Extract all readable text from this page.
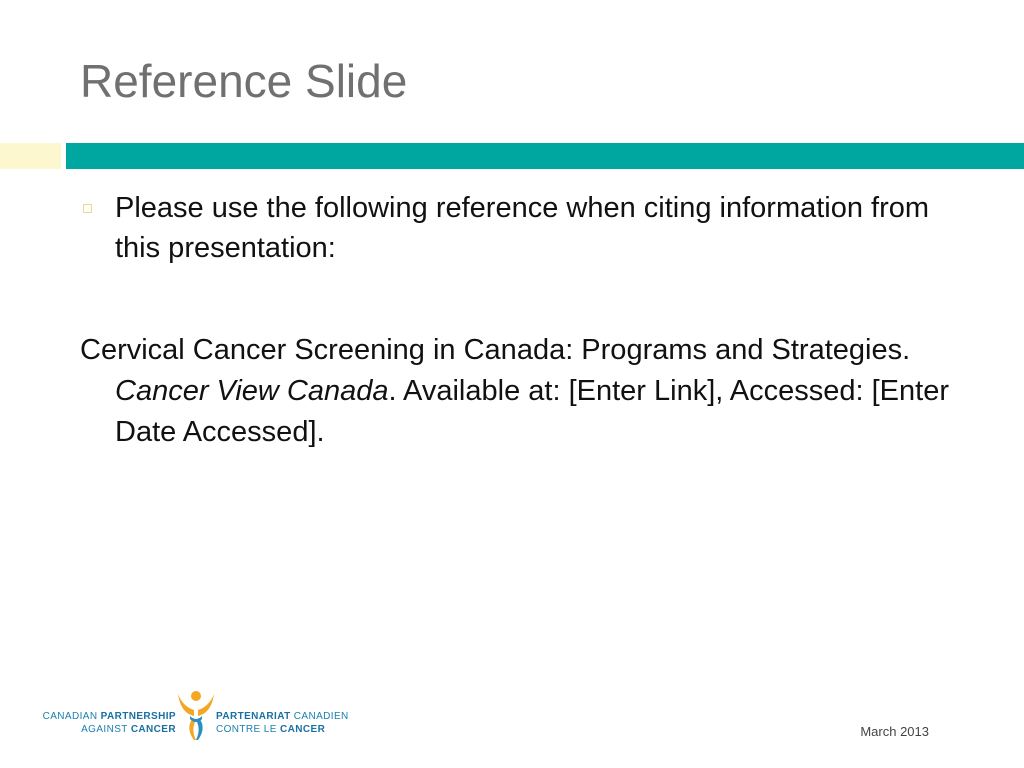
Reference Slide
Please use the following reference when citing information from this presentation:
Cervical Cancer Screening in Canada: Programs and Strategies.  Cancer View Canada. Available at: [Enter Link], Accessed: [Enter Date Accessed].
CANADIAN PARTNERSHIP
AGAINST CANCER
PARTENARIAT CANADIEN
CONTRE LE CANCER	March 2013
